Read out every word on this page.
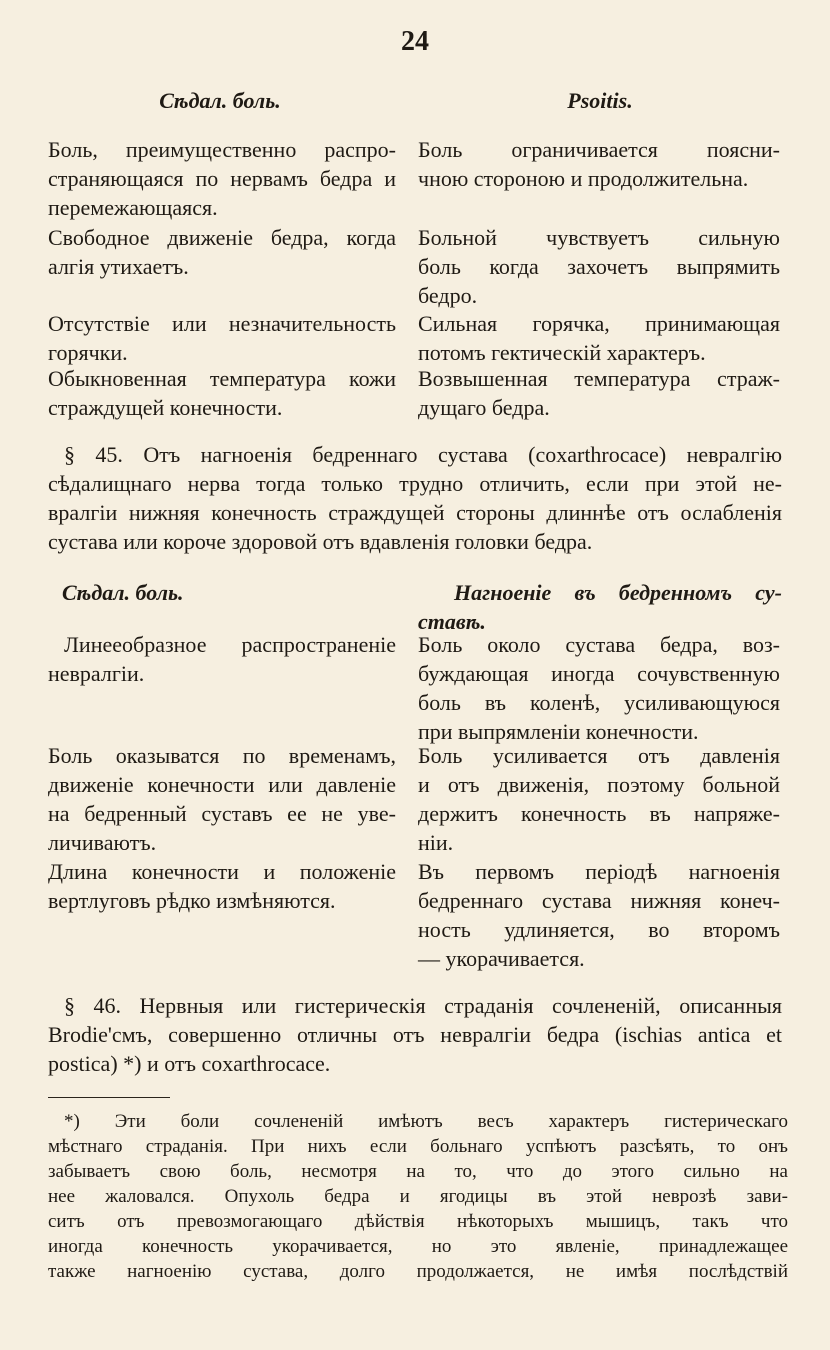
24
Сѣдал. боль.	Psoitis.

Боль, преимущественно распро-

страняющаяся по нервамъ бедра и

перемежающаяся.

Боль ограничивается поясни-

чною стороною и продолжительна.

Свободное движеніе бедра, когда

алгія утихаетъ.

Больной чувствуетъ сильную

боль когда захочетъ выпрямить

бедро.

Отсутствіе или незначительность

горячки.

Сильная горячка, принимающая

потомъ гектическій характеръ.

Обыкновенная температура кожи

страждущей конечности.

Возвышенная температура страж-

дущаго бедра.

§ 45. Отъ нагноенія бедреннаго сустава (coxarthrocace) невралгію

сѣдалищнаго нерва тогда только трудно отличить, если при этой не-

вралгіи нижняя конечность страждущей стороны длиннѣе отъ ослабленія

сустава или короче здоровой отъ вдавленія головки бедра.

Сѣдал. боль.	Нагноеніе въ бедренномъ су-

ставѣ.

Линееобразное распространеніе

невралгіи.

Боль около сустава бедра, воз-

буждающая иногда сочувственную

боль въ коленѣ, усиливающуюся

при выпрямленіи конечности.

Боль оказыватся по временамъ,

движеніе конечности или давленіе

на бедренный суставъ ее не уве-

личиваютъ.

Боль усиливается отъ давленія

и отъ движенія, поэтому больной

держитъ конечность въ напряже-

ніи.

Длина конечности и положеніе

вертлуговъ рѣдко измѣняются.

Въ первомъ періодѣ нагноенія

бедреннаго сустава нижняя конеч-

ность удлиняется, во второмъ

— укорачивается.

§ 46. Нервныя или гистерическія страданія сочлененій, описанныя

Brodie'смъ, совершенно отличны отъ невралгіи бедра (ischias antica et

postica) *) и отъ coxarthrocace.

*) Эти боли сочлененій имѣютъ весъ характеръ гистерическаго

мѣстнаго страданія. При нихъ если больнаго успѣютъ разсѣять, то онъ

забываетъ свою боль, несмотря на то, что до этого сильно на

нее жаловался. Опухоль бедра и ягодицы въ этой неврозѣ зави-

ситъ отъ превозмогающаго дѣйствія нѣкоторыхъ мышицъ, такъ что

иногда конечность укорачивается, но это явленіе, принадлежащее

также нагноенію сустава, долго продолжается, не имѣя послѣдствій
